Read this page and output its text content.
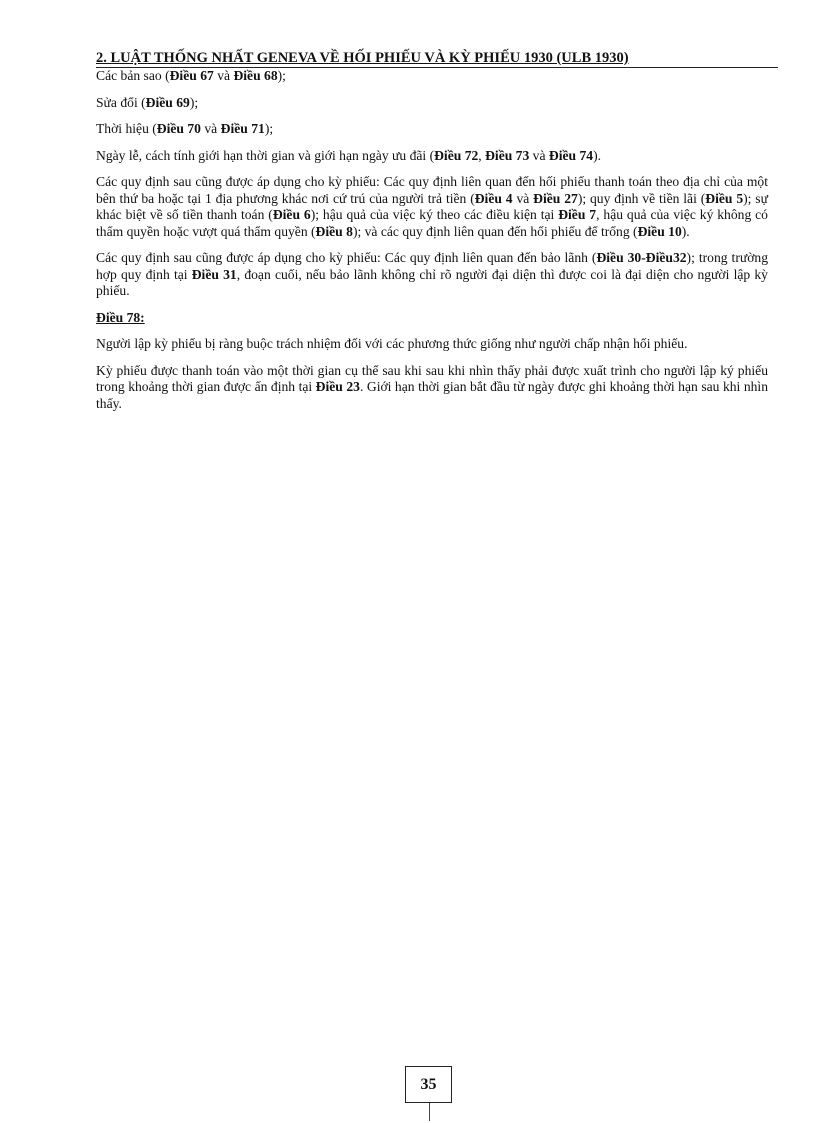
2. LUẬT THỐNG NHẤT GENEVA VỀ HỐI PHIẾU VÀ KỲ PHIẾU 1930 (ULB 1930)

Các bản sao (Điều 67 và Điều 68);

Sửa đổi (Điều 69);

Thời hiệu (Điều 70 và Điều 71);

Ngày lễ, cách tính giới hạn thời gian và giới hạn ngày ưu đãi (Điều 72, Điều 73 và Điều 74).

Các quy định sau cũng được áp dụng cho kỳ phiếu: Các quy định liên quan đến hối phiếu thanh toán theo địa chỉ của một bên thứ ba hoặc tại 1 địa phương khác nơi cứ trú của người trả tiền (Điều 4 và Điều 27); quy định về tiền lãi (Điều 5); sự khác biệt về số tiền thanh toán (Điều 6); hậu quả của việc ký theo các điều kiện tại Điều 7, hậu quả của việc ký không có thẩm quyền hoặc vượt quá thẩm quyền (Điều 8); và các quy định liên quan đến hối phiếu để trống (Điều 10).

Các quy định sau cũng được áp dụng cho kỳ phiếu: Các quy định liên quan đến bảo lãnh (Điều 30-Điều32); trong trường hợp quy định tại Điều 31, đoạn cuối, nếu bảo lãnh không chỉ rõ người đại diện thì được coi là đại diện cho người lập kỳ phiếu.

Điều 78:

Người lập kỳ phiếu bị ràng buộc trách nhiệm đối với các phương thức giống như người chấp nhận hối phiếu.

Kỳ phiếu được thanh toán vào một thời gian cụ thể sau khi sau khi nhìn thấy phải được xuất trình cho người lập ký phiếu trong khoảng thời gian được ấn định tại Điều 23. Giới hạn thời gian bắt đầu từ ngày được ghi khoảng thời hạn sau khi nhìn thấy.

35
